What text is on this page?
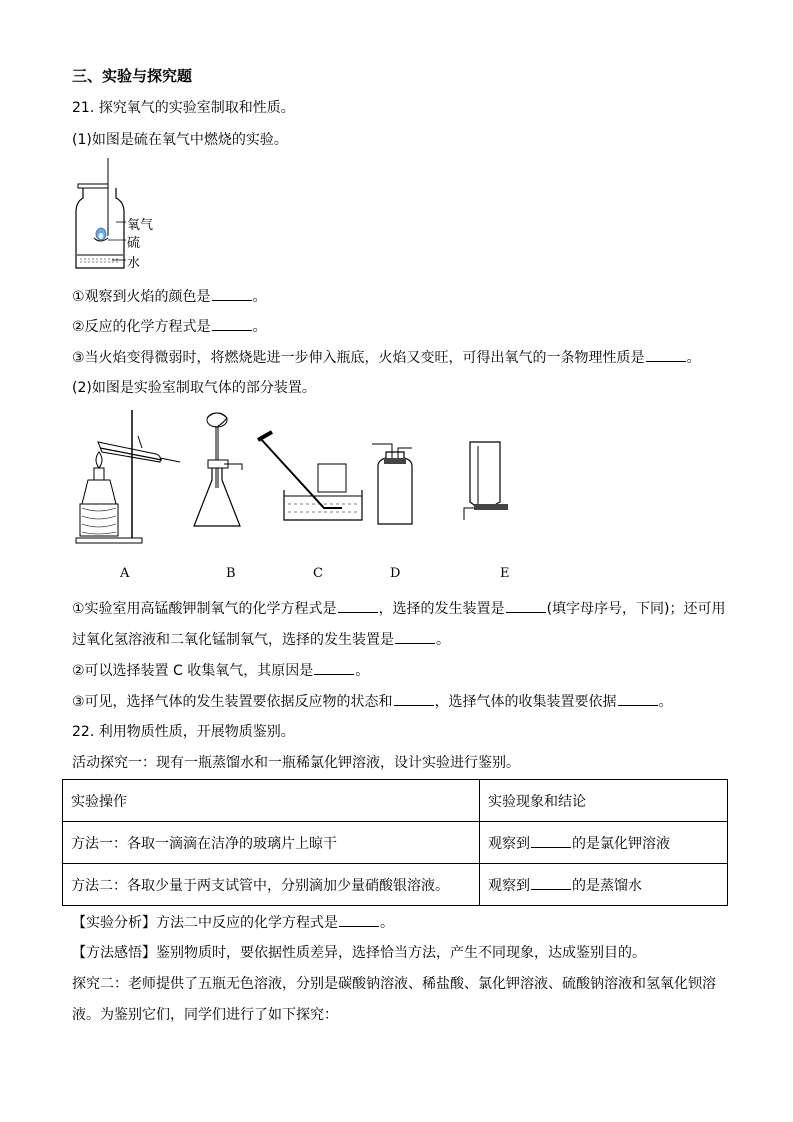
三、实验与探究题
21. 探究氧气的实验室制取和性质。
(1)如图是硫在氧气中燃烧的实验。
氧气
硫
水
①观察到火焰的颜色是	。
②反应的化学方程式是	。
③当火焰变得微弱时，将燃烧匙进一步伸入瓶底，火焰又变旺，可得出氧气的一条物理性质是	。
(2)如图是实验室制取气体的部分装置。
A	B	C	D	E
①实验室用高锰酸钾制氧气的化学方程式是	，选择的发生装置是	(填字母序号，下同)；还可用
过氧化氢溶液和二氧化锰制氧气，选择的发生装置是	。
②可以选择装置 C 收集氧气，其原因是	。
③可见，选择气体的发生装置要依据反应物的状态和	，选择气体的收集装置要依据	。
22. 利用物质性质，开展物质鉴别。
活动探究一：现有一瓶蒸馏水和一瓶稀氯化钾溶液，设计实验进行鉴别。
实验操作	实验现象和结论
方法一：各取一滴滴在洁净的玻璃片上晾干	观察到 的是氯化钾溶液
方法二：各取少量于两支试管中，分别滴加少量硝酸银溶液。	观察到 的是蒸馏水
【实验分析】方法二中反应的化学方程式是	。
【方法感悟】鉴别物质时，要依据性质差异，选择恰当方法，产生不同现象，达成鉴别目的。
探究二：老师提供了五瓶无色溶液，分别是碳酸钠溶液、稀盐酸、氯化钾溶液、硫酸钠溶液和氢氧化钡溶
液。为鉴别它们，同学们进行了如下探究：
